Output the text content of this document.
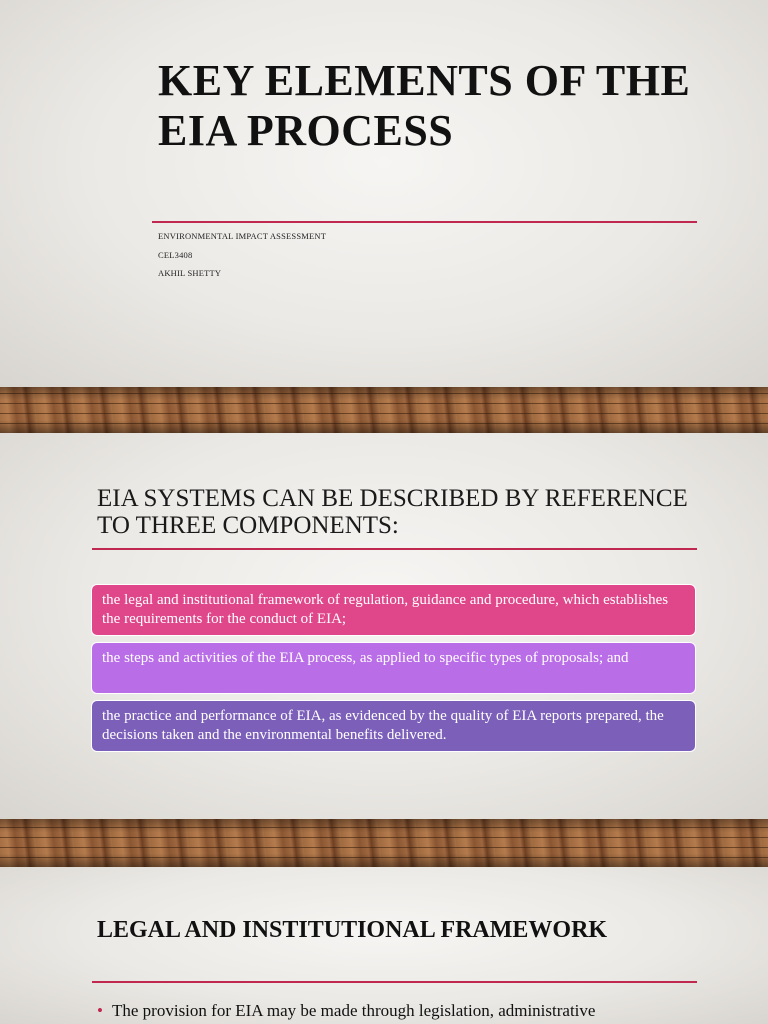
KEY ELEMENTS OF THE EIA PROCESS
ENVIRONMENTAL IMPACT ASSESSMENT
CEL3408
AKHIL SHETTY
EIA SYSTEMS CAN BE DESCRIBED BY REFERENCE TO THREE COMPONENTS:
the legal and institutional framework of regulation, guidance and procedure, which establishes the requirements for the conduct of EIA;
the steps and activities of the EIA process, as applied to specific types of proposals; and
the practice and performance of EIA, as evidenced by the quality of EIA reports prepared, the decisions taken and the environmental benefits delivered.
LEGAL AND INSTITUTIONAL FRAMEWORK
• The provision for EIA may be made through legislation, administrative
